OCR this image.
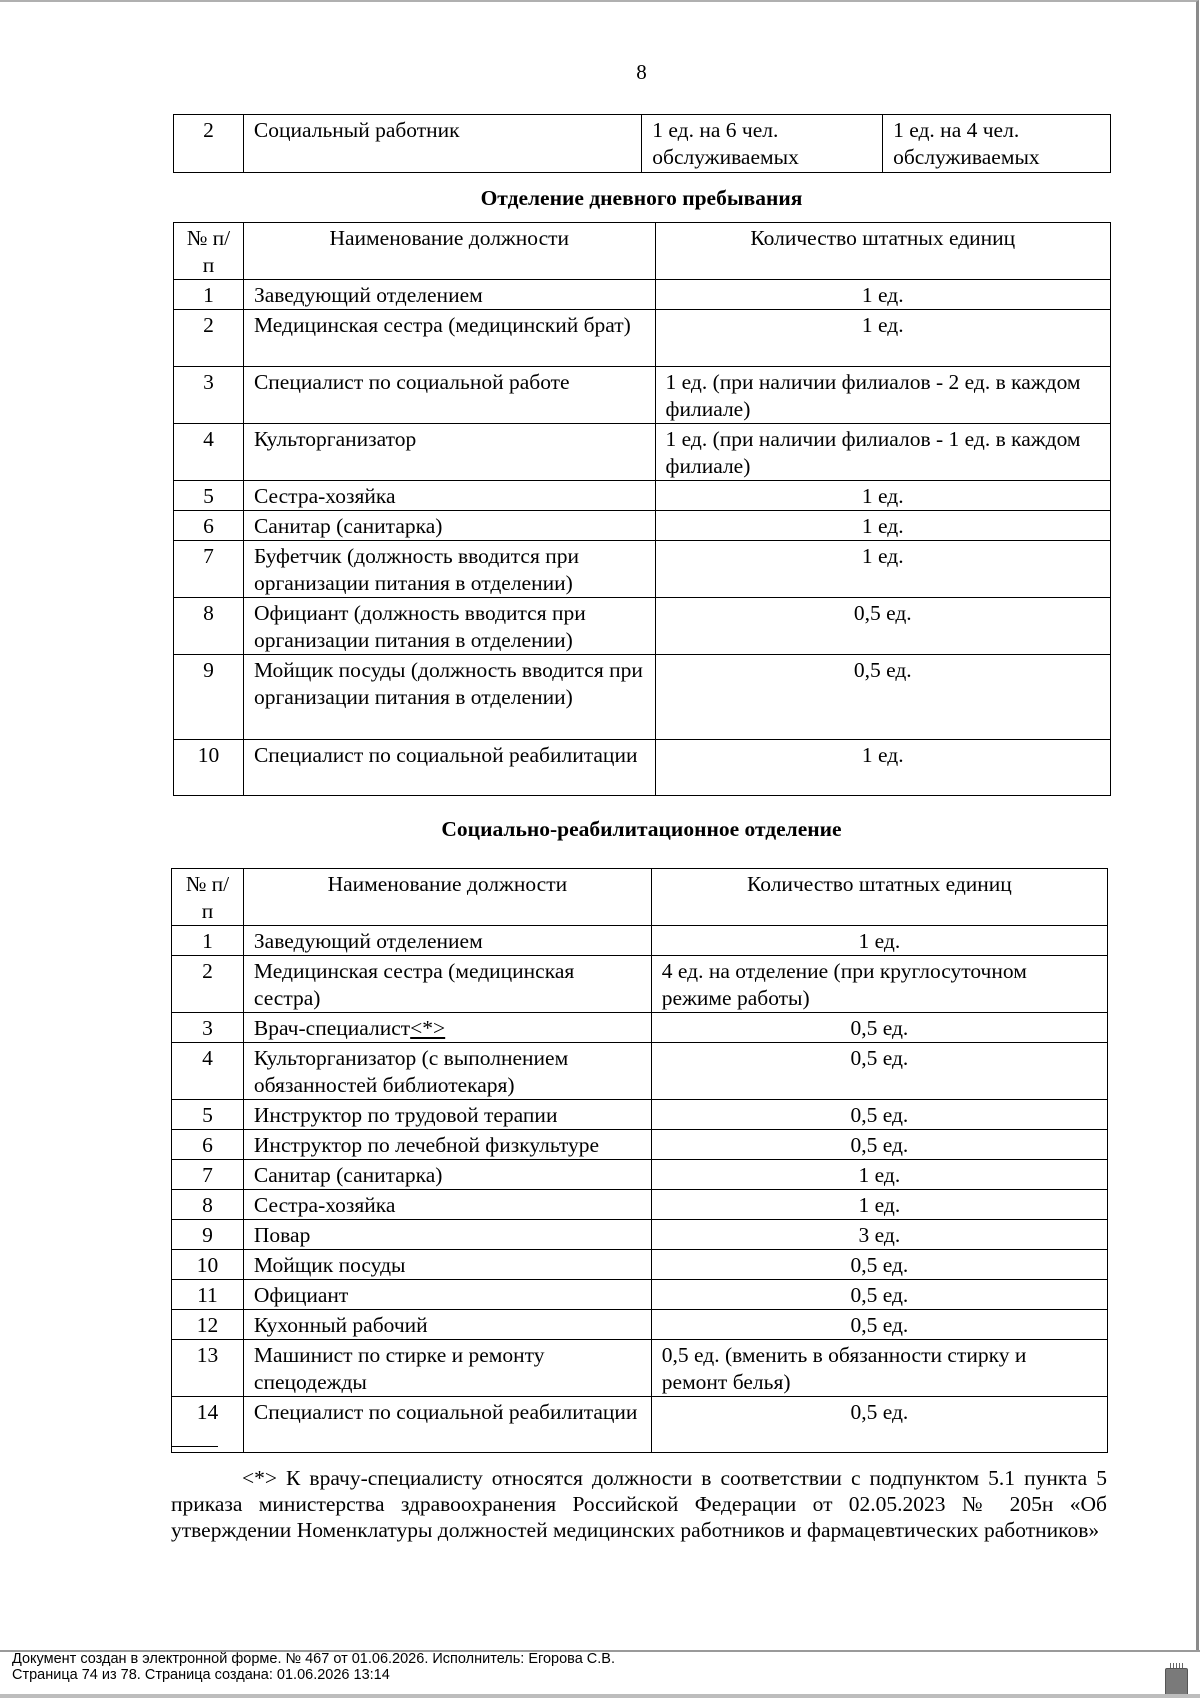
8
2	Социальный работник	1 ед. на 6 чел. обслуживаемых	1 ед. на 4 чел. обслуживаемых
Отделение дневного пребывания
№ п/п	Наименование должности	Количество штатных единиц
1	Заведующий отделением	1 ед.
2	Медицинская сестра (медицинский брат)	1 ед.
3	Специалист по социальной работе	1 ед. (при наличии филиалов - 2 ед. в каждом филиале)
4	Культорганизатор	1 ед. (при наличии филиалов - 1 ед. в каждом филиале)
5	Сестра-хозяйка	1 ед.
6	Санитар (санитарка)	1 ед.
7	Буфетчик (должность вводится при организации питания в отделении)	1 ед.
8	Официант (должность вводится при организации питания в отделении)	0,5 ед.
9	Мойщик посуды (должность вводится при организации питания в отделении)	0,5 ед.
10	Специалист по социальной реабилитации	1 ед.
Социально-реабилитационное отделение
№ п/п	Наименование должности	Количество штатных единиц
1	Заведующий отделением	1 ед.
2	Медицинская сестра (медицинская сестра)	4 ед. на отделение (при круглосуточном режиме работы)
3	Врач-специалист<*>	0,5 ед.
4	Культорганизатор (с выполнением обязанностей библиотекаря)	0,5 ед.
5	Инструктор по трудовой терапии	0,5 ед.
6	Инструктор по лечебной физкультуре	0,5 ед.
7	Санитар (санитарка)	1 ед.
8	Сестра-хозяйка	1 ед.
9	Повар	3 ед.
10	Мойщик посуды	0,5 ед.
11	Официант	0,5 ед.
12	Кухонный рабочий	0,5 ед.
13	Машинист по стирке и ремонту спецодежды	0,5 ед. (вменить в обязанности стирку и ремонт белья)
14	Специалист по социальной реабилитации	0,5 ед.

<*> К врачу-специалисту относятся должности в соответствии с подпунктом 5.1 пункта 5 приказа министерства здравоохранения Российской Федерации от 02.05.2023 № 205н «Об утверждении Номенклатуры должностей медицинских работников и фармацевтических работников»

Документ создан в электронной форме. № 467 от 01.06.2026. Исполнитель: Егорова С.В.
Страница 74 из 78. Страница создана: 01.06.2026 13:14
